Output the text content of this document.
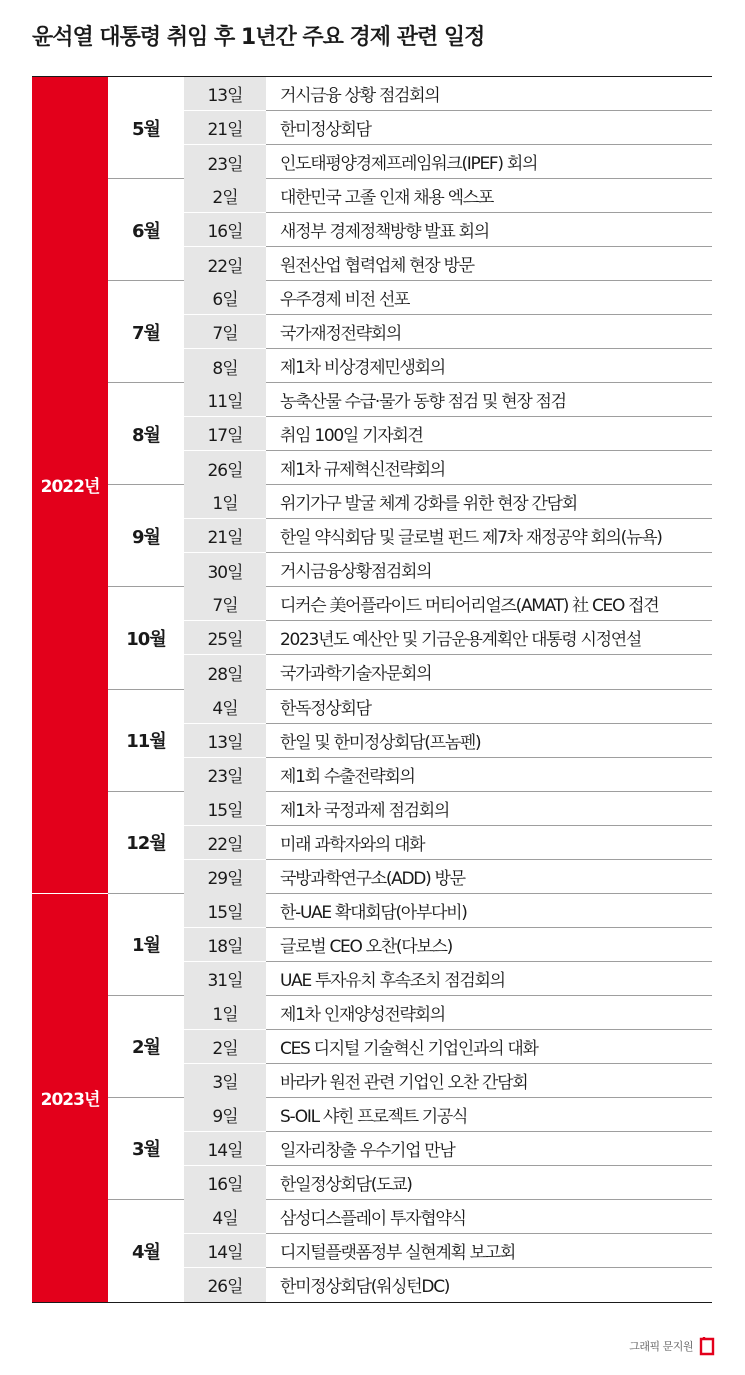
윤석열 대통령 취임 후 1년간 주요 경제 관련 일정
2022년
5월
13일	거시금융 상황 점검회의
21일	한미정상회담
23일	인도태평양경제프레임워크(IPEF) 회의
6월
2일	대한민국 고졸 인재 채용 엑스포
16일	새정부 경제정책방향 발표 회의
22일	원전산업 협력업체 현장 방문
7월
6일	우주경제 비전 선포
7일	국가재정전략회의
8일	제1차 비상경제민생회의
8월
11일	농축산물 수급·물가 동향 점검 및 현장 점검
17일	취임 100일 기자회견
26일	제1차 규제혁신전략회의
9월
1일	위기가구 발굴 체계 강화를 위한 현장 간담회
21일	한일 약식회담 및 글로벌 펀드 제7차 재정공약 회의(뉴욕)
30일	거시금융상황점검회의
10월
7일	디커슨 美어플라이드 머티어리얼즈(AMAT) 社 CEO 접견
25일	2023년도 예산안 및 기금운용계획안 대통령 시정연설
28일	국가과학기술자문회의
11월
4일	한독정상회담
13일	한일 및 한미정상회담(프놈펜)
23일	제1회 수출전략회의
12월
15일	제1차 국정과제 점검회의
22일	미래 과학자와의 대화
29일	국방과학연구소(ADD) 방문
2023년
1월
15일	한-UAE 확대회담(아부다비)
18일	글로벌 CEO 오찬(다보스)
31일	UAE 투자유치 후속조치 점검회의
2월
1일	제1차 인재양성전략회의
2일	CES 디지털 기술혁신 기업인과의 대화
3일	바라카 원전 관련 기업인 오찬 간담회
3월
9일	S-OIL 샤힌 프로젝트 기공식
14일	일자리창출 우수기업 만남
16일	한일정상회담(도쿄)
4월
4일	삼성디스플레이 투자협약식
14일	디지털플랫폼정부 실현계획 보고회
26일	한미정상회담(워싱턴DC)
그래픽 문지원
